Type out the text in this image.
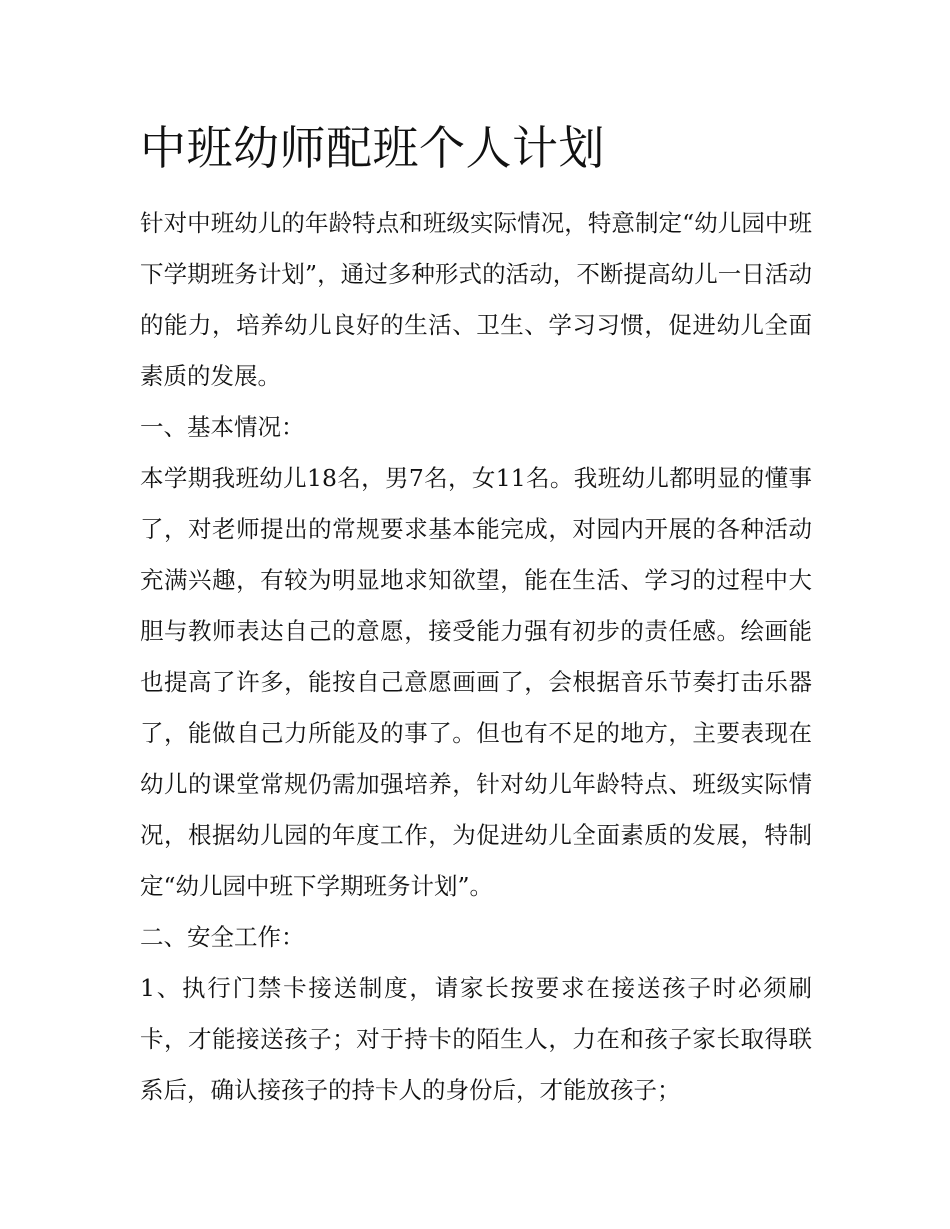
中班幼师配班个人计划

针对中班幼儿的年龄特点和班级实际情况，特意制定“幼儿园中班下学期班务计划”，通过多种形式的活动，不断提高幼儿一日活动的能力，培养幼儿良好的生活、卫生、学习习惯，促进幼儿全面素质的发展。

一、基本情况：

本学期我班幼儿18名，男7名，女11名。我班幼儿都明显的懂事了，对老师提出的常规要求基本能完成，对园内开展的各种活动充满兴趣，有较为明显地求知欲望，能在生活、学习的过程中大胆与教师表达自己的意愿，接受能力强有初步的责任感。绘画能也提高了许多，能按自己意愿画画了，会根据音乐节奏打击乐器了，能做自己力所能及的事了。但也有不足的地方，主要表现在幼儿的课堂常规仍需加强培养，针对幼儿年龄特点、班级实际情况，根据幼儿园的年度工作，为促进幼儿全面素质的发展，特制定“幼儿园中班下学期班务计划”。

二、安全工作：

1、执行门禁卡接送制度，请家长按要求在接送孩子时必须刷卡，才能接送孩子；对于持卡的陌生人，力在和孩子家长取得联系后，确认接孩子的持卡人的身份后，才能放孩子；
